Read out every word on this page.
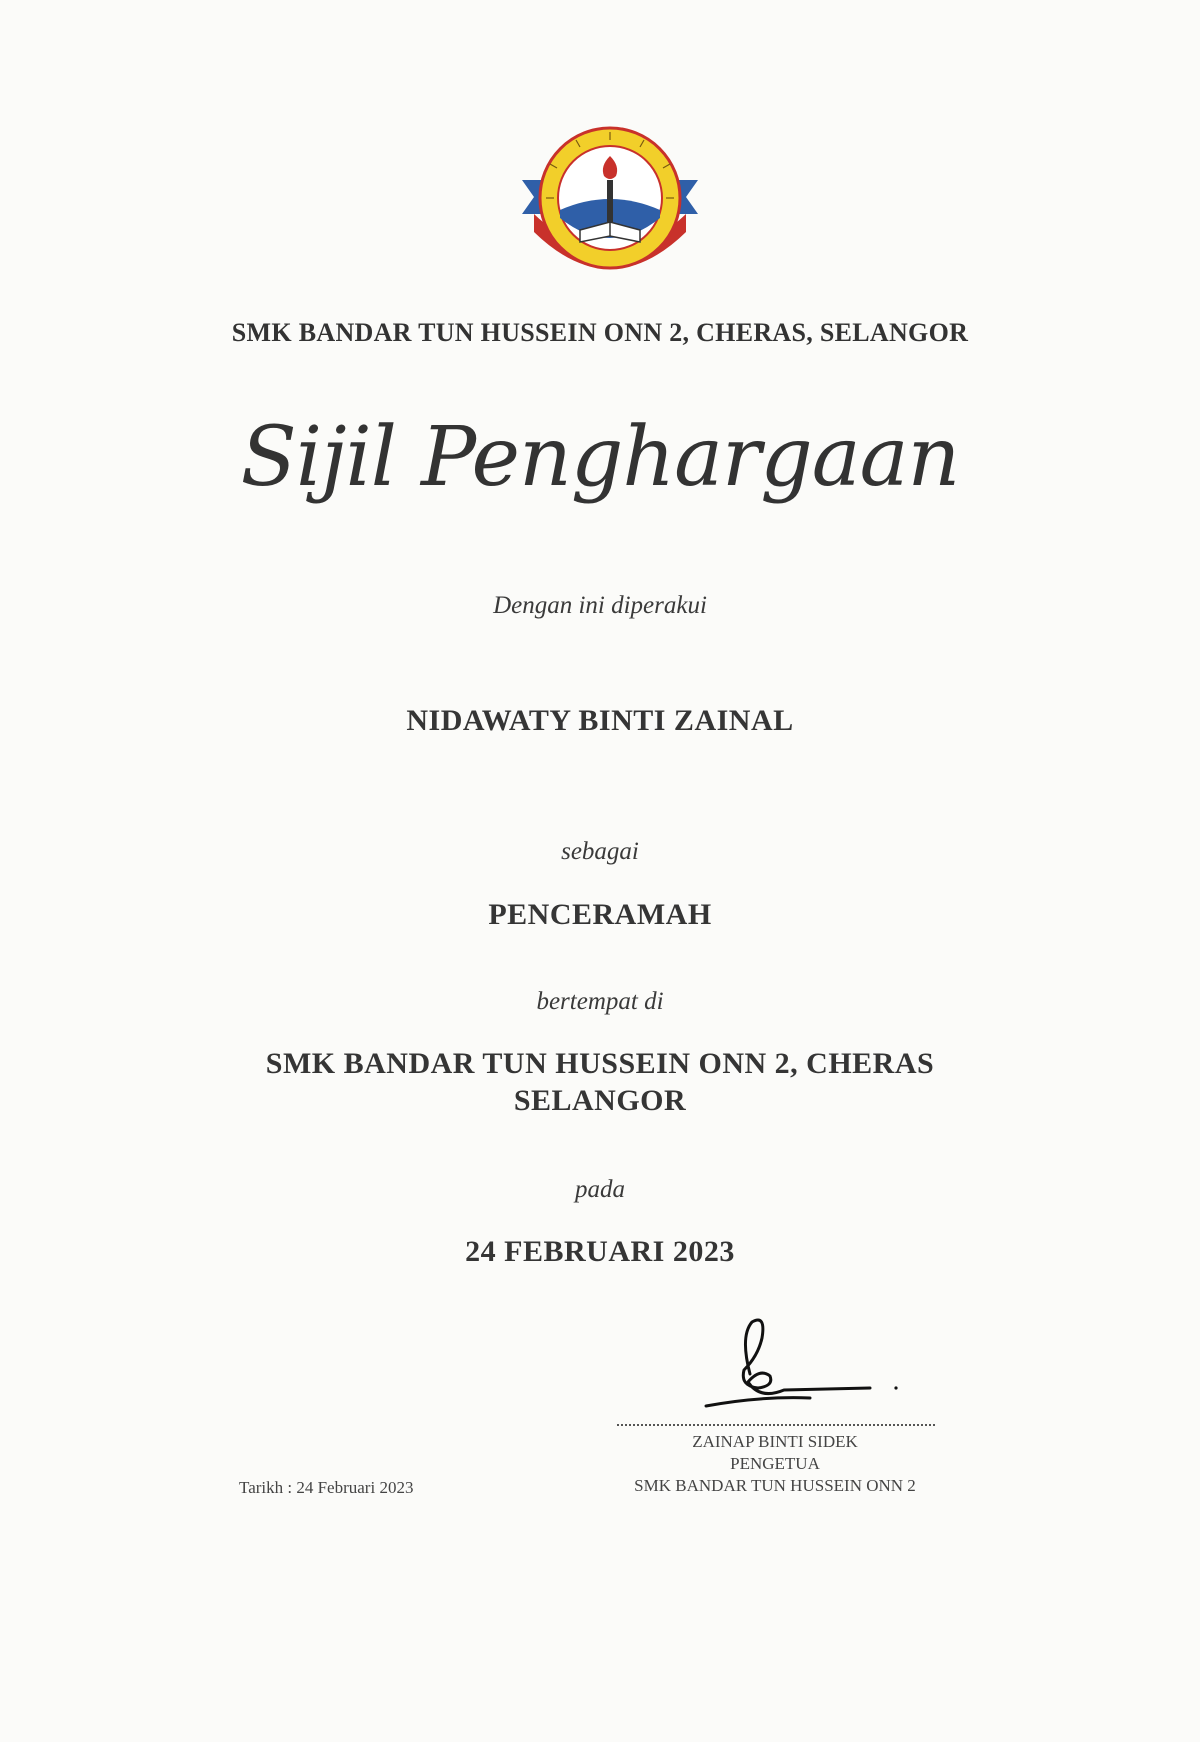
SMK BANDAR TUN HUSSEIN ONN 2, CHERAS, SELANGOR
Sijil Penghargaan
Dengan ini diperakui
NIDAWATY BINTI ZAINAL
sebagai
PENCERAMAH
bertempat di
SMK BANDAR TUN HUSSEIN ONN 2, CHERAS
SELANGOR
pada
24 FEBRUARI 2023
ZAINAP BINTI SIDEK
PENGETUA
SMK BANDAR TUN HUSSEIN ONN 2
Tarikh : 24 Februari 2023
